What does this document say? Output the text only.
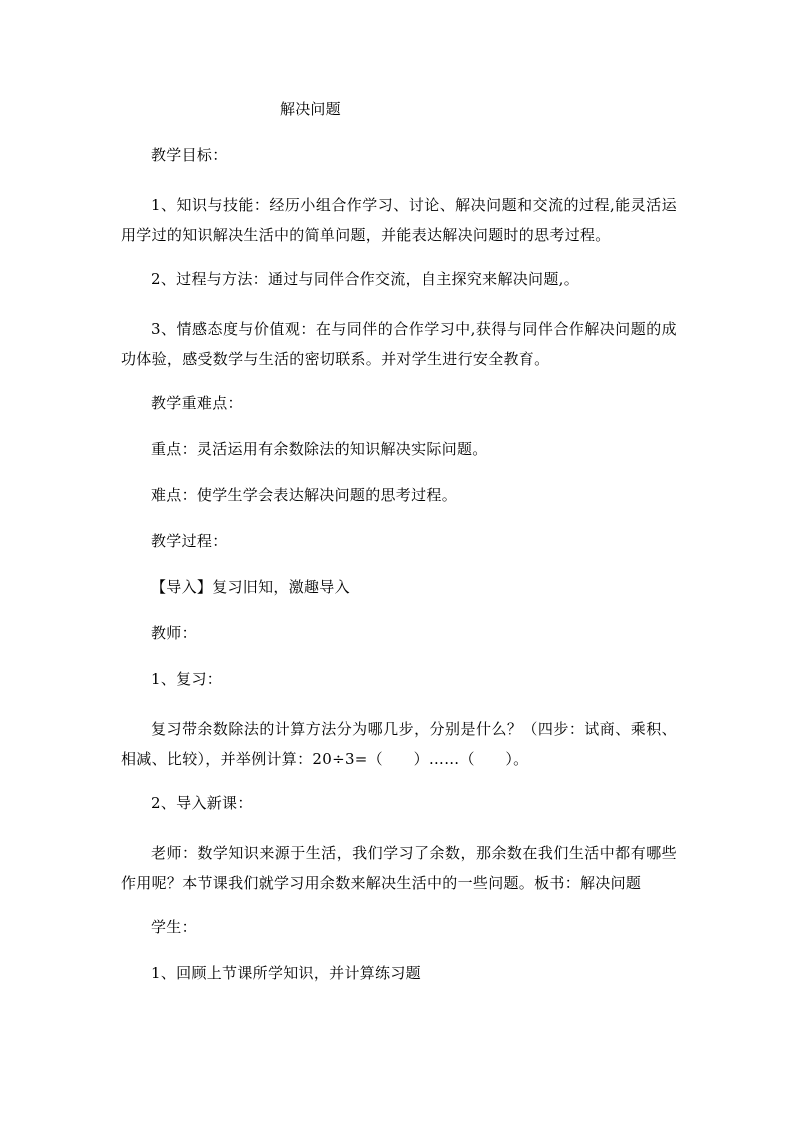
解决问题

教学目标：

1、知识与技能：经历小组合作学习、讨论、解决问题和交流的过程,能灵活运用学过的知识解决生活中的简单问题，并能表达解决问题时的思考过程。

2、过程与方法：通过与同伴合作交流，自主探究来解决问题,。

3、情感态度与价值观：在与同伴的合作学习中,获得与同伴合作解决问题的成功体验，感受数学与生活的密切联系。并对学生进行安全教育。

教学重难点：

重点：灵活运用有余数除法的知识解决实际问题。

难点：使学生学会表达解决问题的思考过程。

教学过程：

【导入】复习旧知，激趣导入

教师：

1、复习：

复习带余数除法的计算方法分为哪几步，分别是什么？（四步：试商、乘积、相减、比较），并举例计算：20÷3=（　　）……（　　）。

2、导入新课：

老师：数学知识来源于生活，我们学习了余数，那余数在我们生活中都有哪些作用呢？本节课我们就学习用余数来解决生活中的一些问题。板书：解决问题

学生：

1、回顾上节课所学知识，并计算练习题
